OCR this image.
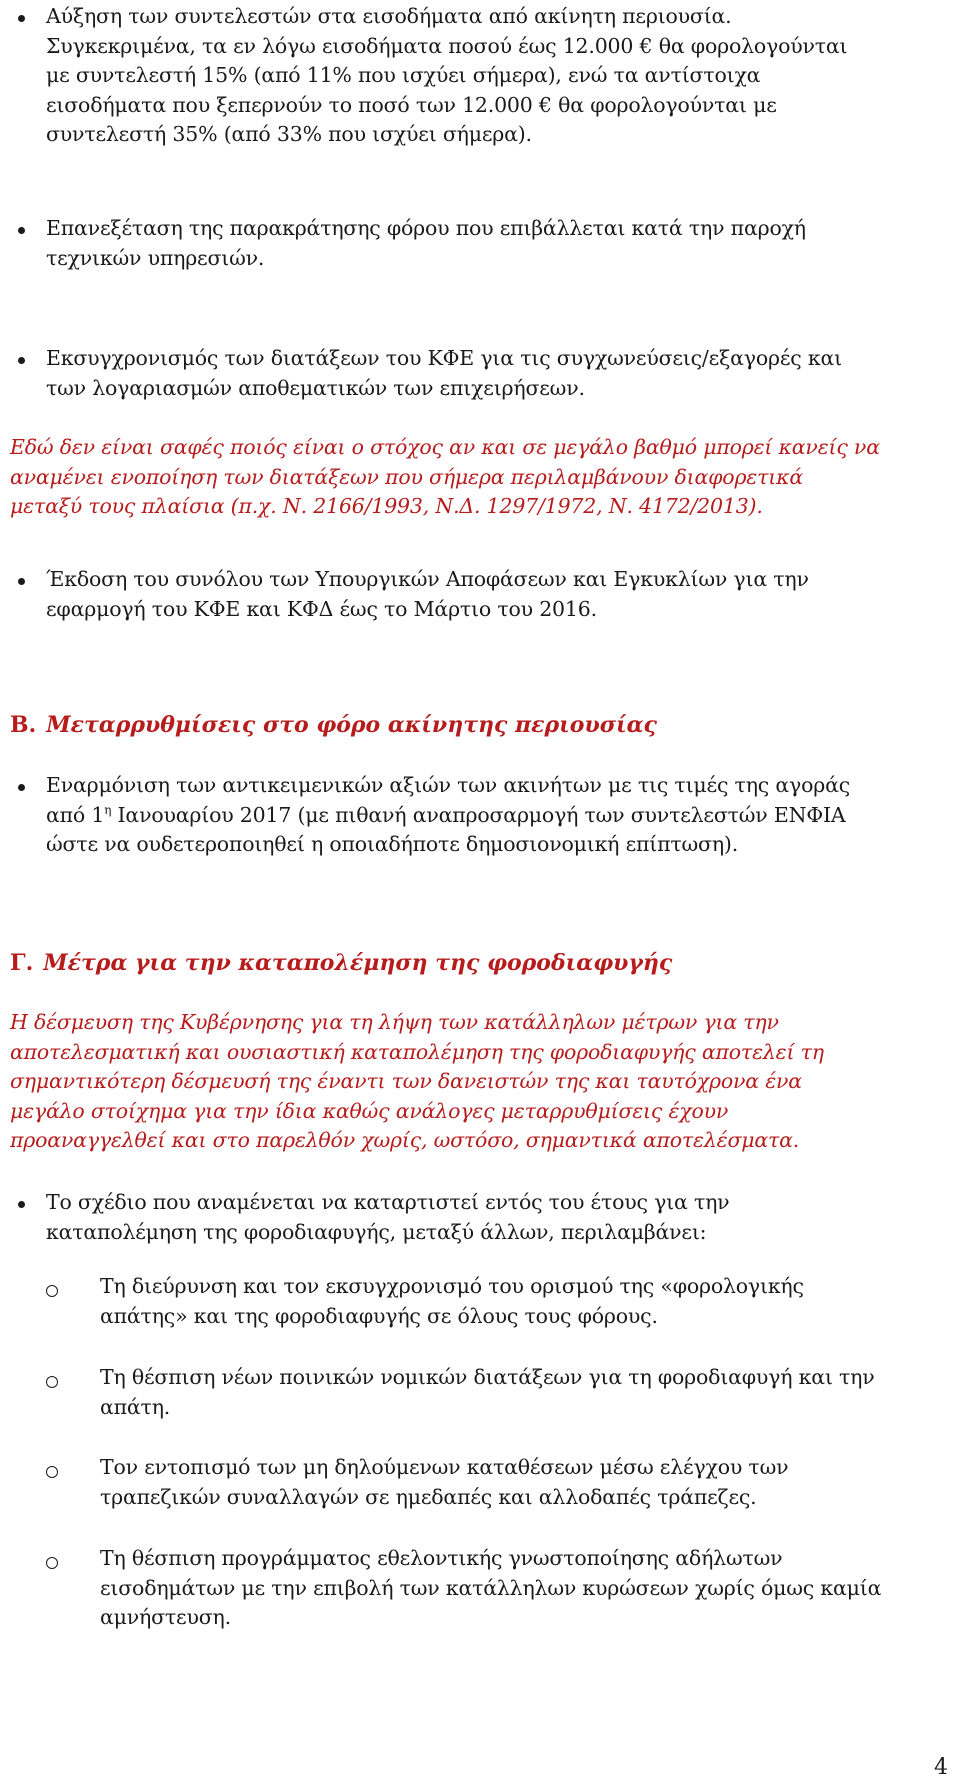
Αύξηση των συντελεστών στα εισοδήματα από ακίνητη περιουσία.
Συγκεκριμένα, τα εν λόγω εισοδήματα ποσού έως 12.000 € θα φορολογούνται
με συντελεστή 15% (από 11% που ισχύει σήμερα), ενώ τα αντίστοιχα
εισοδήματα που ξεπερνούν το ποσό των 12.000 € θα φορολογούνται με
συντελεστή 35% (από 33% που ισχύει σήμερα).
Επανεξέταση της παρακράτησης φόρου που επιβάλλεται κατά την παροχή
τεχνικών υπηρεσιών.
Εκσυγχρονισμός των διατάξεων του ΚΦΕ για τις συγχωνεύσεις/εξαγορές και
των λογαριασμών αποθεματικών των επιχειρήσεων.
Εδώ δεν είναι σαφές ποιός είναι ο στόχος αν και σε μεγάλο βαθμό μπορεί κανείς να
αναμένει ενοποίηση των διατάξεων που σήμερα περιλαμβάνουν διαφορετικά
μεταξύ τους πλαίσια (π.χ. Ν. 2166/1993, Ν.Δ. 1297/1972, Ν. 4172/2013).
Έκδοση του συνόλου των Υπουργικών Αποφάσεων και Εγκυκλίων για την
εφαρμογή του ΚΦΕ και ΚΦΔ έως το Μάρτιο του 2016.
Β. Μεταρρυθμίσεις στο φόρο ακίνητης περιουσίας
Εναρμόνιση των αντικειμενικών αξιών των ακινήτων με τις τιμές της αγοράς
από $1^\eta$ Ιανουαρίου 2017 (με πιθανή αναπροσαρμογή των συντελεστών ΕΝΦΙΑ
ώστε να ουδετεροποιηθεί η οποιαδήποτε δημοσιονομική επίπτωση).
Γ. Μέτρα για την καταπολέμηση της φοροδιαφυγής
Η δέσμευση της Κυβέρνησης για τη λήψη των κατάλληλων μέτρων για την
αποτελεσματική και ουσιαστική καταπολέμηση της φοροδιαφυγής αποτελεί τη
σημαντικότερη δέσμευσή της έναντι των δανειστών της και ταυτόχρονα ένα
μεγάλο στοίχημα για την ίδια καθώς ανάλογες μεταρρυθμίσεις έχουν
προαναγγελθεί και στο παρελθόν χωρίς, ωστόσο, σημαντικά αποτελέσματα.
Το σχέδιο που αναμένεται να καταρτιστεί εντός του έτους για την
καταπολέμηση της φοροδιαφυγής, μεταξύ άλλων, περιλαμβάνει:
Τη διεύρυνση και τον εκσυγχρονισμό του ορισμού της «φορολογικής
απάτης» και της φοροδιαφυγής σε όλους τους φόρους.
Τη θέσπιση νέων ποινικών νομικών διατάξεων για τη φοροδιαφυγή και την
απάτη.
Τον εντοπισμό των μη δηλούμενων καταθέσεων μέσω ελέγχου των
τραπεζικών συναλλαγών σε ημεδαπές και αλλοδαπές τράπεζες.
Τη θέσπιση προγράμματος εθελοντικής γνωστοποίησης αδήλωτων
εισοδημάτων με την επιβολή των κατάλληλων κυρώσεων χωρίς όμως καμία
αμνήστευση.
4
